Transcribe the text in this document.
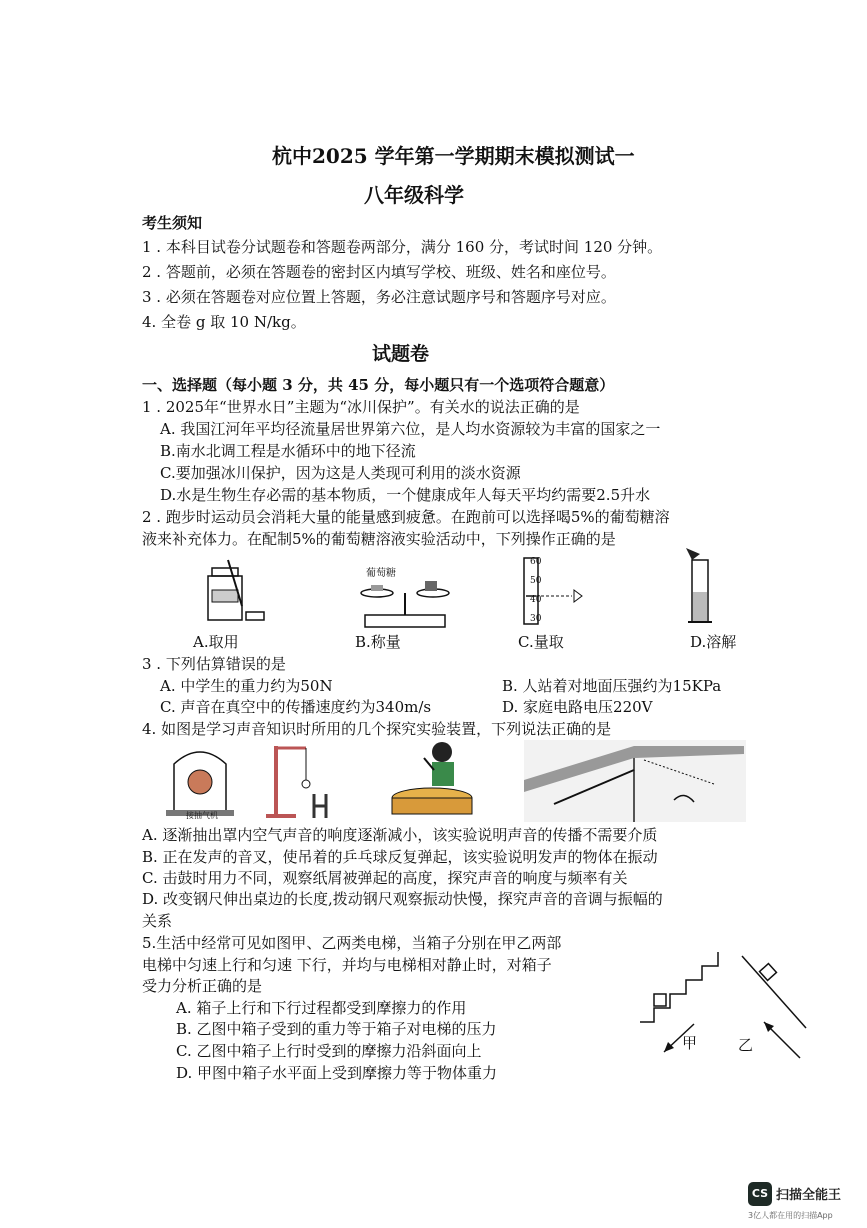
杭中2025 学年第一学期期末模拟测试一
八年级科学
考生须知
1 . 本科目试卷分试题卷和答题卷两部分，满分 160 分，考试时间 120 分钟。
2 . 答题前，必须在答题卷的密封区内填写学校、班级、姓名和座位号。
3 . 必须在答题卷对应位置上答题，务必注意试题序号和答题序号对应。
4. 全卷 g 取 10 N/kg。
试题卷
一、选择题（每小题 3 分，共 45 分，每小题只有一个选项符合题意）
1 . 2025年“世界水日”主题为“冰川保护”。有关水的说法正确的是
A. 我国江河年平均径流量居世界第六位，是人均水资源较为丰富的国家之一
B.南水北调工程是水循环中的地下径流
C.要加强冰川保护，因为这是人类现可利用的淡水资源
D.水是生物生存必需的基本物质，一个健康成年人每天平均约需要2.5升水
2 . 跑步时运动员会消耗大量的能量感到疲惫。在跑前可以选择喝5%的葡萄糖溶
液来补充体力。在配制5%的葡萄糖溶液实验活动中，下列操作正确的是
葡萄糖
60
50
40
30
A.取用	B.称量	C.量取	D.溶解
3 . 下列估算错误的是
A. 中学生的重力约为50N	B. 人站着对地面压强约为15KPa
C. 声音在真空中的传播速度约为340m/s	D. 家庭电路电压220V
4. 如图是学习声音知识时所用的几个探究实验装置，下列说法正确的是
接抽气机
A. 逐渐抽出罩内空气声音的响度逐渐减小，该实验说明声音的传播不需要介质
B. 正在发声的音叉，使吊着的乒乓球反复弹起，该实验说明发声的物体在振动
C. 击鼓时用力不同，观察纸屑被弹起的高度，探究声音的响度与频率有关
D. 改变钢尺伸出桌边的长度,拨动钢尺观察振动快慢，探究声音的音调与振幅的
关系
5.生活中经常可见如图甲、乙两类电梯，当箱子分别在甲乙两部
电梯中匀速上行和匀速 下行，并均与电梯相对静止时，对箱子
受力分析正确的是
A. 箱子上行和下行过程都受到摩擦力的作用
B. 乙图中箱子受到的重力等于箱子对电梯的压力
C. 乙图中箱子上行时受到的摩擦力沿斜面向上
D. 甲图中箱子水平面上受到摩擦力等于物体重力
甲	乙
CS 扫描全能王
3亿人都在用的扫描App
